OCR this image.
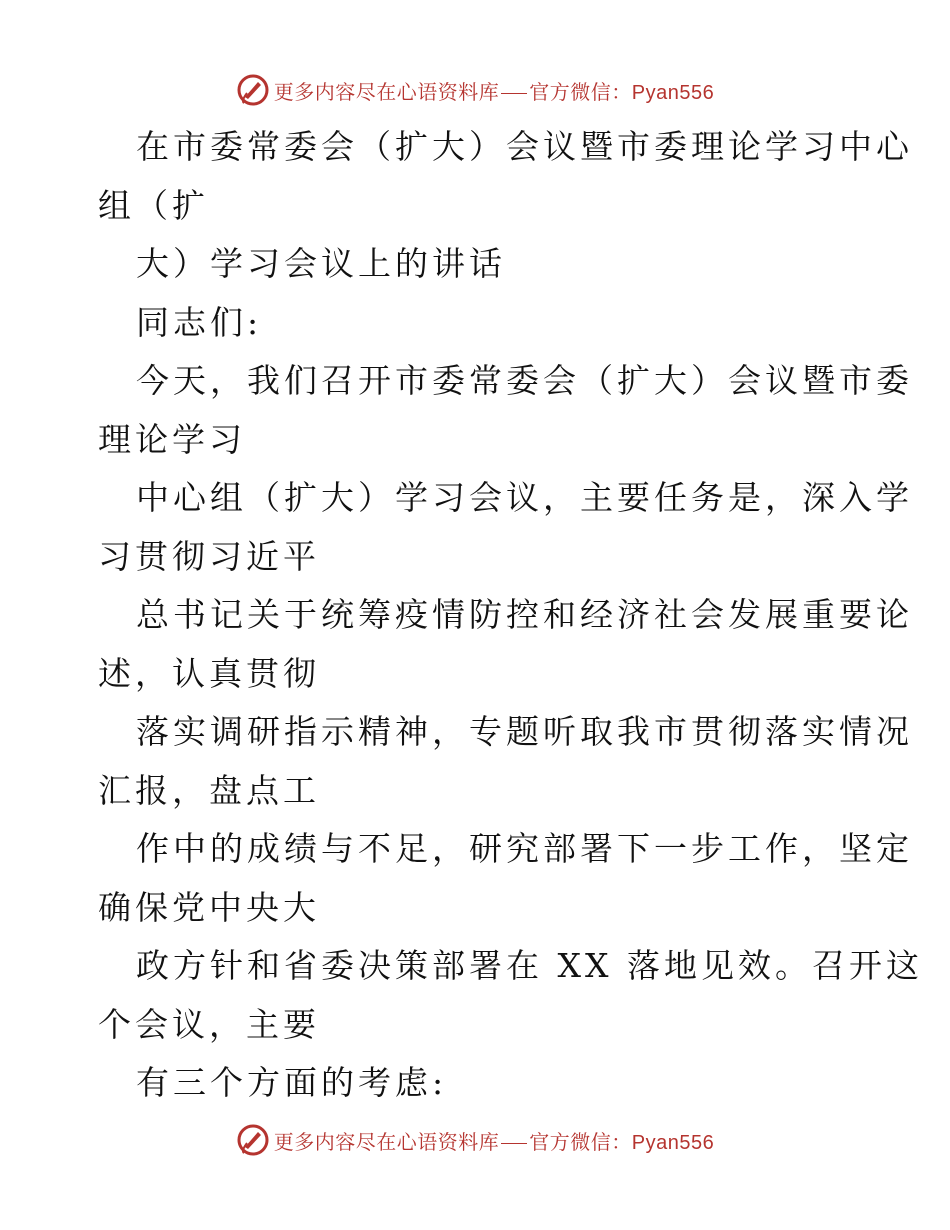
更多内容尽在心语资料库 官方微信：Pyan556
在市委常委会（扩大）会议暨市委理论学习中心
组（扩
大）学习会议上的讲话
同志们:
今天，我们召开市委常委会（扩大）会议暨市委
理论学习
中心组（扩大）学习会议，主要任务是，深入学
习贯彻习近平
总书记关于统筹疫情防控和经济社会发展重要论
述，认真贯彻
落实调研指示精神，专题听取我市贯彻落实情况
汇报，盘点工
作中的成绩与不足，研究部署下一步工作，坚定
确保党中央大
政方针和省委决策部署在 XX 落地见效。召开这
个会议，主要
有三个方面的考虑:
更多内容尽在心语资料库 官方微信：Pyan556
